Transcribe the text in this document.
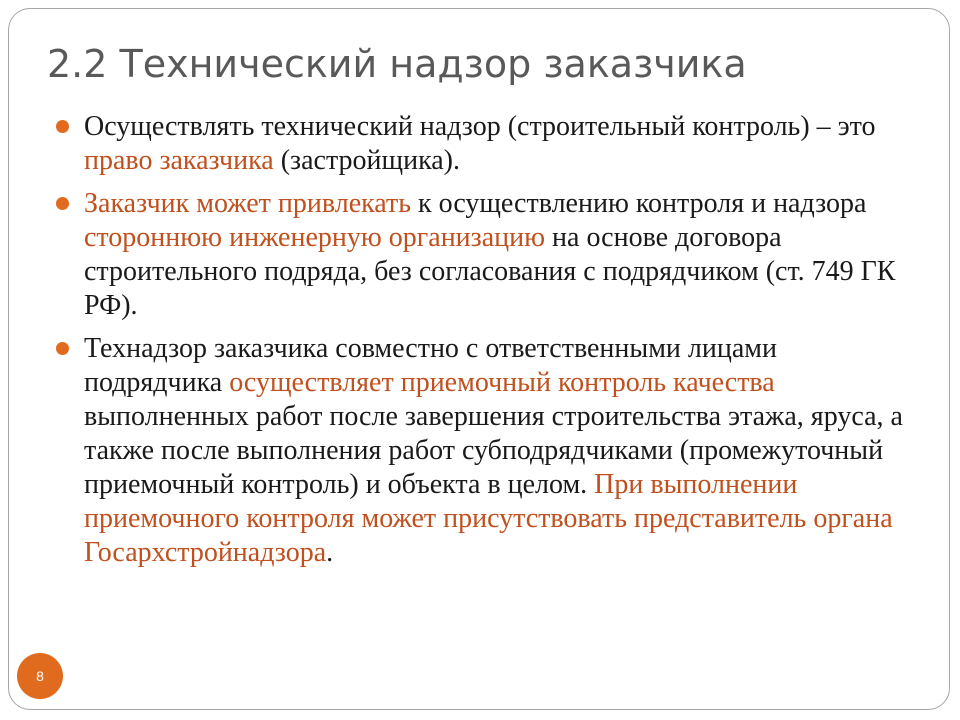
2.2 Технический надзор заказчика
Осуществлять технический надзор (строительный контроль) – это право заказчика (застройщика).
Заказчик может привлекать к осуществлению контроля и надзора стороннюю инженерную организацию на основе договора строительного подряда, без согласования с подрядчиком (ст. 749 ГК РФ).
Технадзор заказчика совместно с ответственными лицами подрядчика осуществляет приемочный контроль качества выполненных работ после завершения строительства этажа, яруса, а также после выполнения работ субподрядчиками (промежуточный приемочный контроль) и объекта в целом. При выполнении приемочного контроля может присутствовать представитель органа Госархстройнадзора.
8
